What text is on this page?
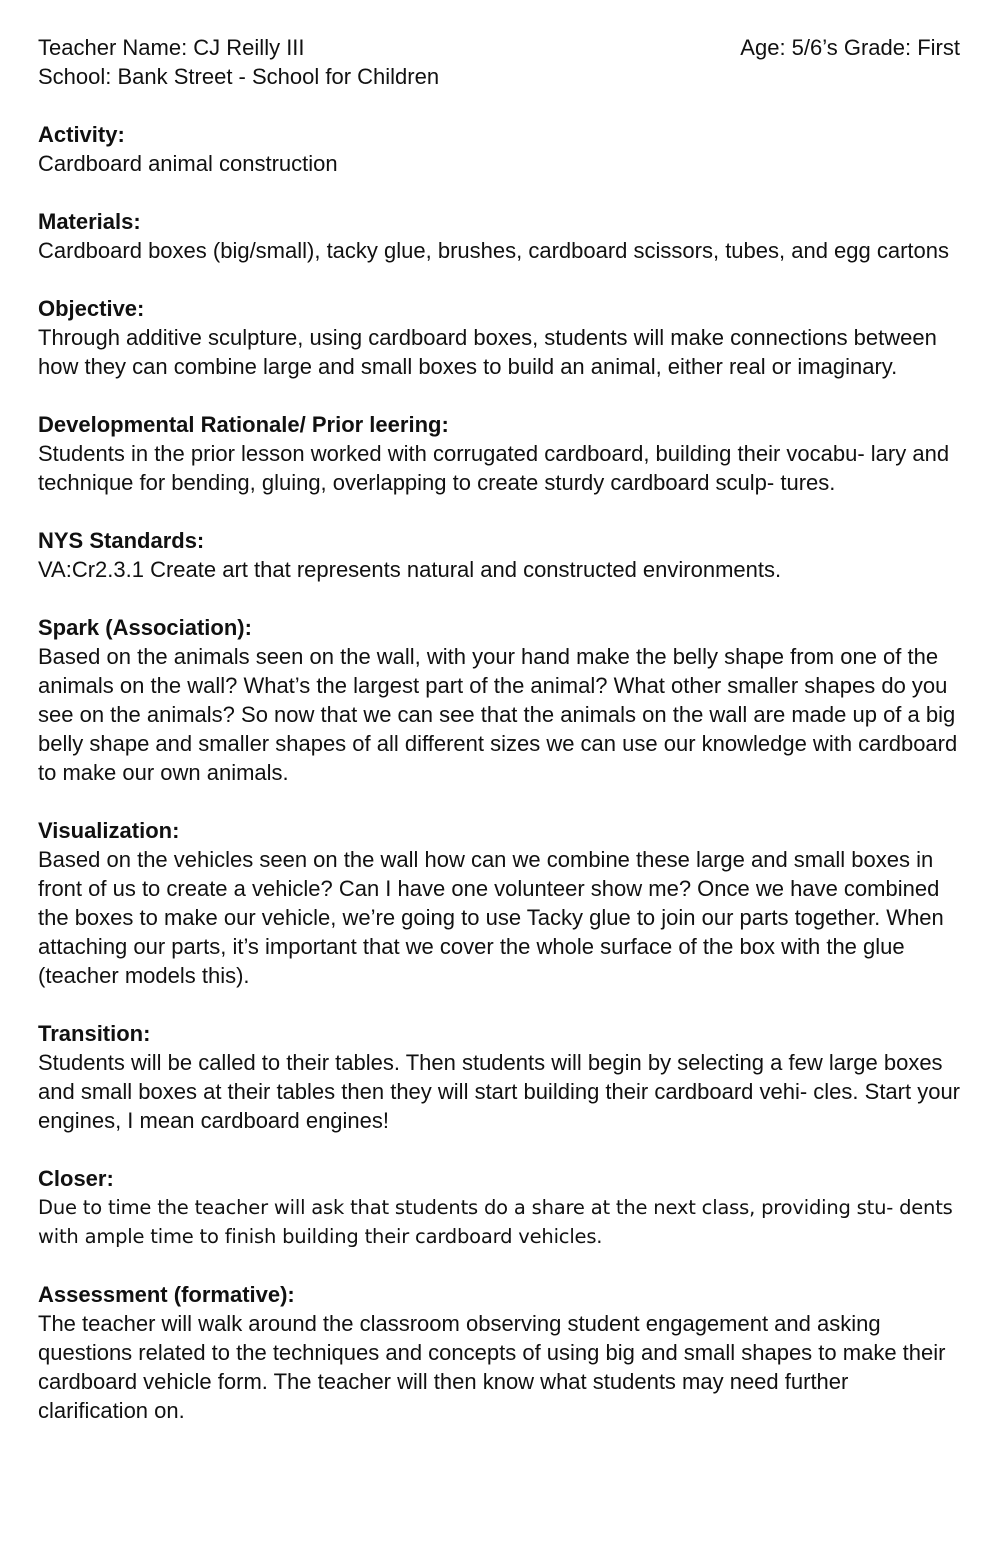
Teacher Name: CJ Reilly III	Age: 5/6’s Grade: First
School: Bank Street - School for Children
Activity:

Cardboard animal construction

Materials:

Cardboard boxes (big/small), tacky glue, brushes, cardboard scissors, tubes, and egg cartons

Objective:

Through additive sculpture, using cardboard boxes, students will make connections between how they can combine large and small boxes to build an animal, either real or imaginary.

Developmental Rationale/ Prior leering:

Students in the prior lesson worked with corrugated cardboard, building their vocabu- lary and technique for bending, gluing, overlapping to create sturdy cardboard sculp- tures.

NYS Standards:

VA:Cr2.3.1 Create art that represents natural and constructed environments.

Spark (Association):

Based on the animals seen on the wall, with your hand make the belly shape from one of the animals on the wall? What’s the largest part of the animal? What other smaller shapes do you see on the animals? So now that we can see that the animals on the wall are made up of a big belly shape and smaller shapes of all different sizes we can use our knowledge with cardboard to make our own animals.

Visualization:

Based on the vehicles seen on the wall how can we combine these large and small boxes in front of us to create a vehicle? Can I have one volunteer show me? Once we have combined the boxes to make our vehicle, we’re going to use Tacky glue to join our parts together. When attaching our parts, it’s important that we cover the whole surface of the box with the glue (teacher models this).

Transition:

Students will be called to their tables. Then students will begin by selecting a few large boxes and small boxes at their tables then they will start building their cardboard vehi- cles. Start your engines, I mean cardboard engines!

Closer:

Due to time the teacher will ask that students do a share at the next class, providing stu- dents with ample time to finish building their cardboard vehicles.

Assessment (formative):

The teacher will walk around the classroom observing student engagement and asking questions related to the techniques and concepts of using big and small shapes to make their cardboard vehicle form. The teacher will then know what students may need further clarification on.
